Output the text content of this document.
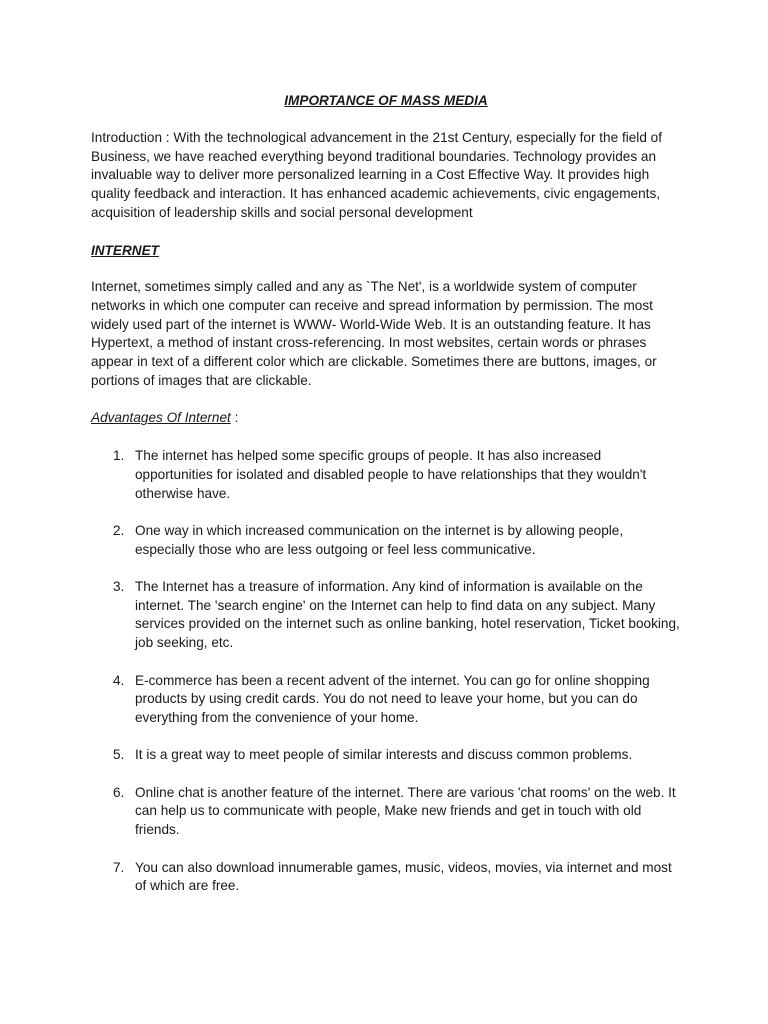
IMPORTANCE OF MASS MEDIA

Introduction : With the technological advancement in the 21st Century, especially for the field of Business, we have reached everything beyond traditional boundaries. Technology provides an invaluable way to deliver more personalized learning in a Cost Effective Way. It provides high quality feedback and interaction. It has enhanced academic achievements, civic engagements, acquisition of leadership skills and social personal development

INTERNET

Internet, sometimes simply called and any as `The Net', is a worldwide system of computer networks in which one computer can receive and spread information by permission. The most widely used part of the internet is WWW- World-Wide Web. It is an outstanding feature. It has Hypertext, a method of instant cross-referencing. In most websites, certain words or phrases appear in text of a different color which are clickable. Sometimes there are buttons, images, or portions of images that are clickable.

Advantages Of Internet :

1. The internet has helped some specific groups of people. It has also increased opportunities for isolated and disabled people to have relationships that they wouldn't otherwise have.
2. One way in which increased communication on the internet is by allowing people, especially those who are less outgoing or feel less communicative.
3. The Internet has a treasure of information. Any kind of information is available on the internet. The 'search engine' on the Internet can help to find data on any subject. Many services provided on the internet such as online banking, hotel reservation, Ticket booking, job seeking, etc.
4. E-commerce has been a recent advent of the internet. You can go for online shopping products by using credit cards. You do not need to leave your home, but you can do everything from the convenience of your home.
5. It is a great way to meet people of similar interests and discuss common problems.
6. Online chat is another feature of the internet. There are various 'chat rooms' on the web. It can help us to communicate with people, Make new friends and get in touch with old friends.
7. You can also download innumerable games, music, videos, movies, via internet and most of which are free.
